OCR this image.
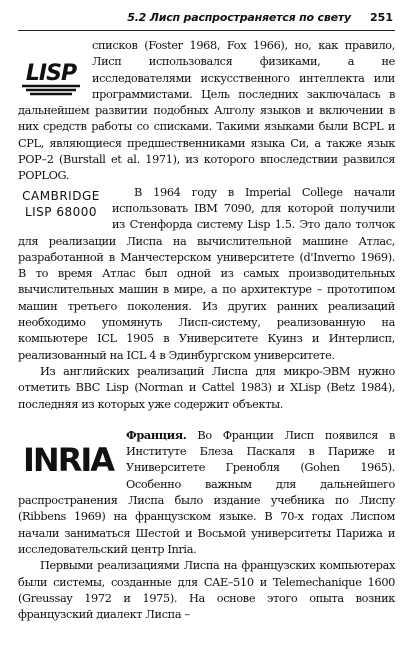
5.2 Лисп распространяется по свету 251

LISP
списков (Foster 1968, Fox 1966), но, как правило, Лисп использовался физиками, а не исследователями искусственного интеллекта или программистами. Цель последних заключалась в дальнейшем развитии подобных Алголу языков и включении в них средств работы со списками. Такими языками были BCPL и CPL, являющиеся предшественниками языка Си, а также язык POP–2 (Burstall et al. 1971), из которого впоследствии развился POPLOG.

CAMBRIDGE
LISP 68000
В 1964 году в Imperial College начали использовать IBM 7090, для которой получили из Стенфорда систему Lisp 1.5. Это дало толчок для реализации Лиспа на вычислительной машине Атлас, разработанной в Манчестерском университете (d'Inverno 1969). В то время Атлас был одной из самых производительных вычислительных машин в мире, а по архитектуре – прототипом машин третьего поколения. Из других ранних реализаций необходимо упомянуть Лисп-систему, реализованную на компьютере ICL 1905 в Университете Куинз и Интерлисп, реализованный на ICL 4 в Эдинбургском университете.

Из английских реализаций Лиспа для микро-ЭВМ нужно отметить BBC Lisp (Norman и Cattel 1983) и XLisp (Betz 1984), последняя из которых уже содержит объекты.

INRIA
Франция. Во Франции Лисп появился в Институте Блеза Паскаля в Париже и Университете Гренобля (Gohen 1965). Особенно важным для дальнейшего распространения Лиспа было издание учебника по Лиспу (Ribbens 1969) на французском языке. В 70-х годах Лиспом начали заниматься Шестой и Восьмой университеты Парижа и исследовательский центр Inria.

Первыми реализациями Лиспа на французских компьютерах были системы, созданные для CAE–510 и Telemechanique 1600 (Greussay 1972 и 1975). На основе этого опыта возник французский диалект Лиспа –
